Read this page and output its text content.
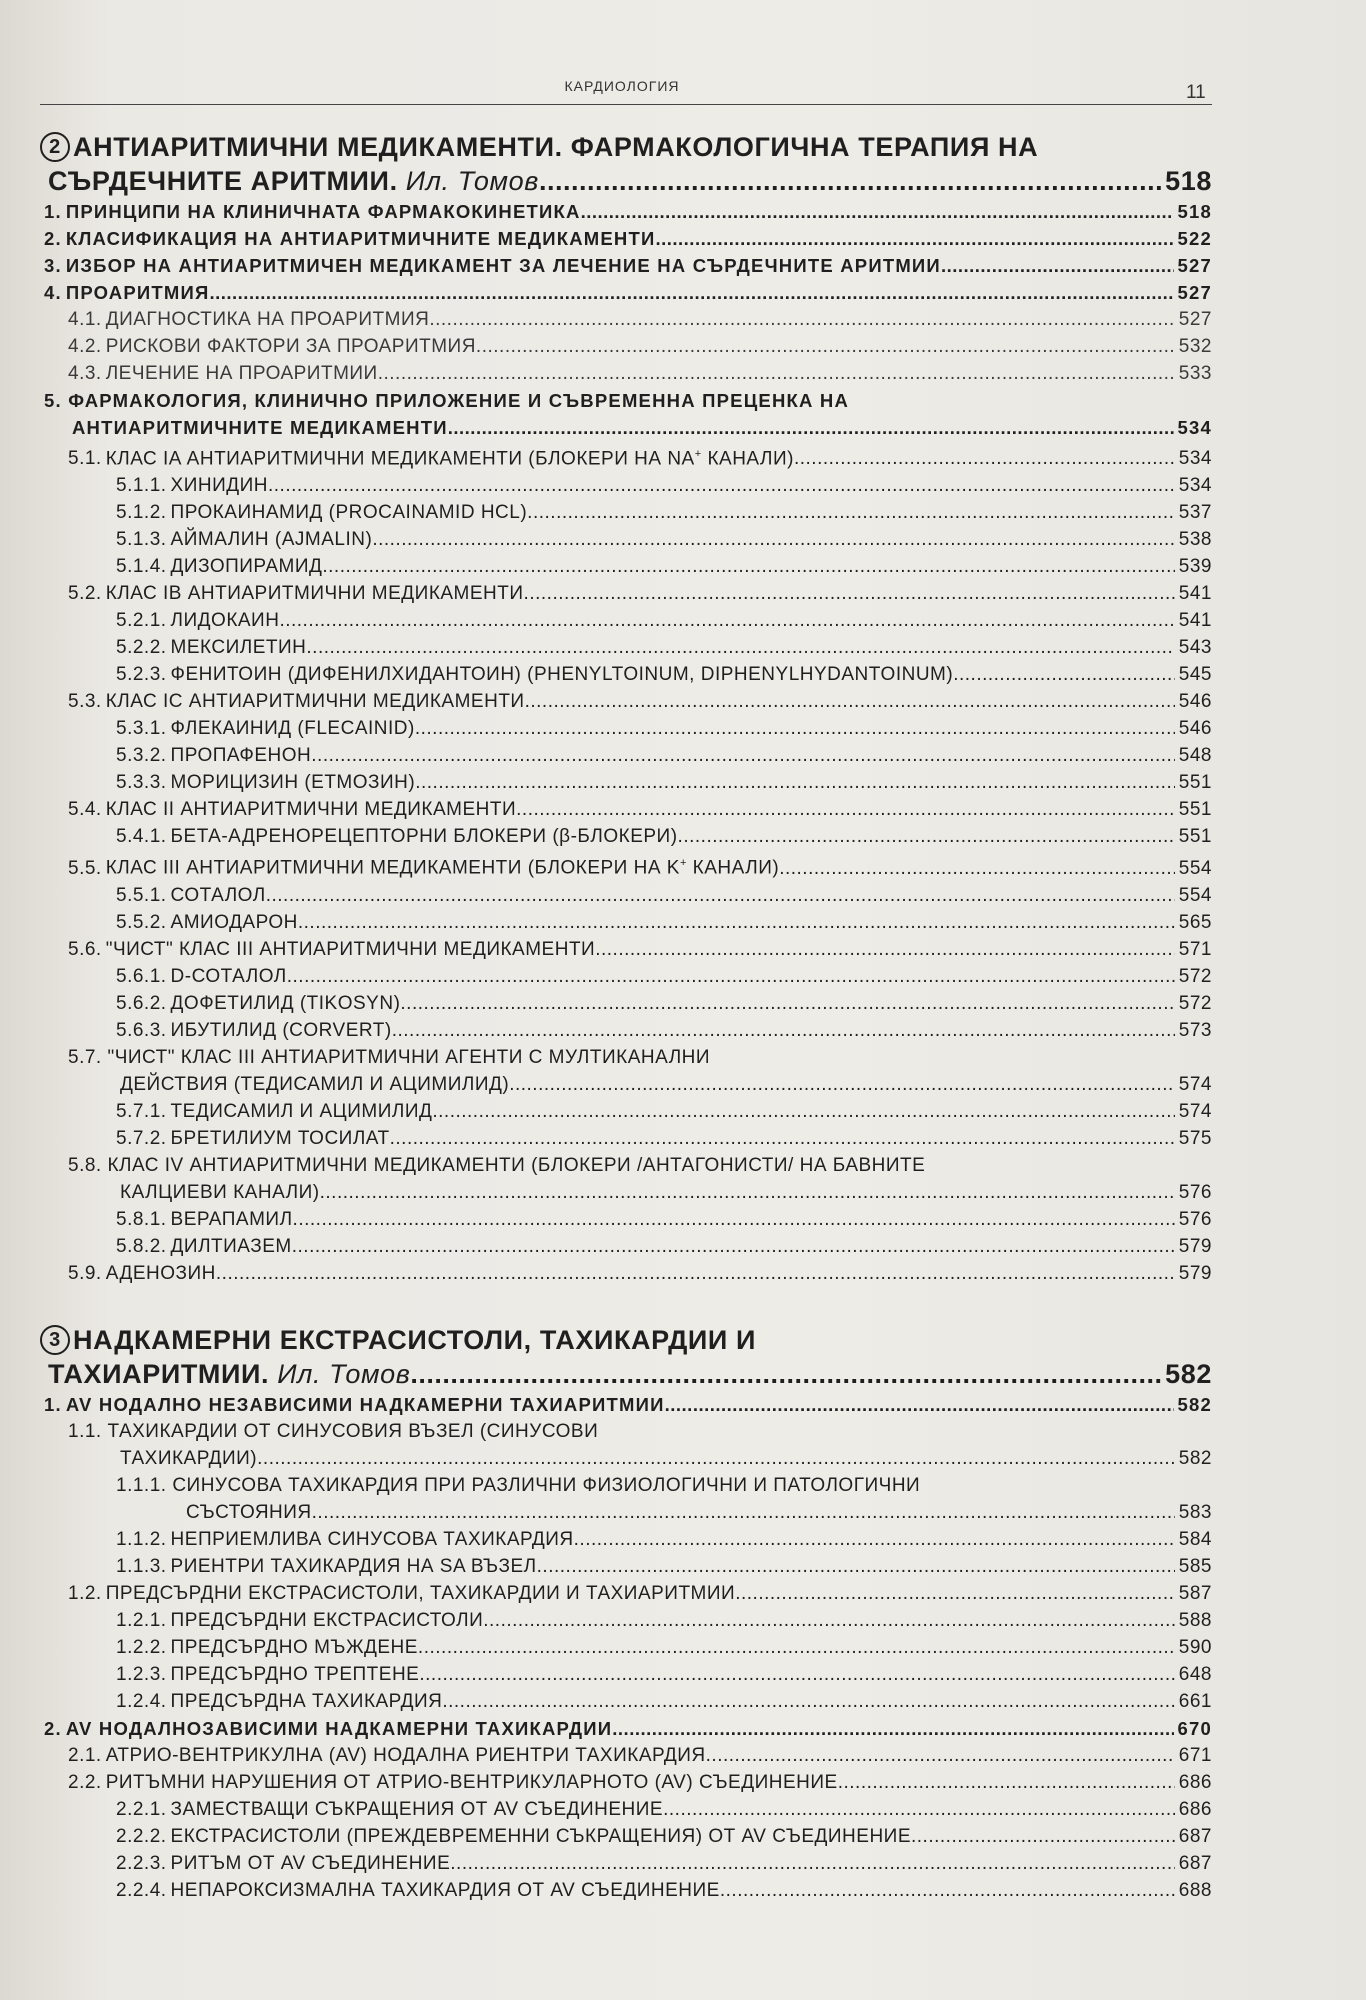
КАРДИОЛОГИЯ	11
2 АНТИАРИТМИЧНИ МЕДИКАМЕНТИ. ФАРМАКОЛОГИЧНА ТЕРАПИЯ НА
СЪРДЕЧНИТЕ АРИТМИИ. Ил. Томов .....	518
1. ПРИНЦИПИ НА КЛИНИЧНАТА ФАРМАКОКИНЕТИКА .....	518
2. КЛАСИФИКАЦИЯ НА АНТИАРИТМИЧНИТЕ МЕДИКАМЕНТИ .....	522
3. ИЗБОР НА АНТИАРИТМИЧЕН МЕДИКАМЕНТ ЗА ЛЕЧЕНИЕ НА СЪРДЕЧНИТЕ АРИТМИИ .....	527
4. ПРОАРИТМИЯ .....	527
4.1. ДИАГНОСТИКА НА ПРОАРИТМИЯ .....	527
4.2. РИСКОВИ ФАКТОРИ ЗА ПРОАРИТМИЯ .....	532
4.3. ЛЕЧЕНИЕ НА ПРОАРИТМИИ .....	533
5. ФАРМАКОЛОГИЯ, КЛИНИЧНО ПРИЛОЖЕНИЕ И СЪВРЕМЕННА ПРЕЦЕНКА НА
АНТИАРИТМИЧНИТЕ МЕДИКАМЕНТИ .....	534
5.1. КЛАС IA АНТИАРИТМИЧНИ МЕДИКАМЕНТИ (БЛОКЕРИ НА NA+ КАНАЛИ) .....	534
5.1.1. ХИНИДИН .....	534
5.1.2. ПРОКАИНАМИД (PROCAINAMID HCL) .....	537
5.1.3. АЙМАЛИН (AJMALIN) .....	538
5.1.4. ДИЗОПИРАМИД .....	539
5.2. КЛАС IB АНТИАРИТМИЧНИ МЕДИКАМЕНТИ .....	541
5.2.1. ЛИДОКАИН .....	541
5.2.2. МЕКСИЛЕТИН .....	543
5.2.3. ФЕНИТОИН (ДИФЕНИЛХИДАНТОИН) (PHENYLTOINUM, DIPHENYLHYDANTOINUM) .....	545
5.3. КЛАС IC АНТИАРИТМИЧНИ МЕДИКАМЕНТИ .....	546
5.3.1. ФЛЕКАИНИД (FLECAINID) .....	546
5.3.2. ПРОПАФЕНОН .....	548
5.3.3. МОРИЦИЗИН (ЕТМОЗИН) .....	551
5.4. КЛАС II АНТИАРИТМИЧНИ МЕДИКАМЕНТИ .....	551
5.4.1. БЕТА-АДРЕНОРЕЦЕПТОРНИ БЛОКЕРИ (β-БЛОКЕРИ) .....	551
5.5. КЛАС III АНТИАРИТМИЧНИ МЕДИКАМЕНТИ (БЛОКЕРИ НА K+ КАНАЛИ) .....	554
5.5.1. СОТАЛОЛ .....	554
5.5.2. АМИОДАРОН .....	565
5.6. "ЧИСТ" КЛАС III АНТИАРИТМИЧНИ МЕДИКАМЕНТИ .....	571
5.6.1. D-СОТАЛОЛ .....	572
5.6.2. ДОФЕТИЛИД (TIKOSYN) .....	572
5.6.3. ИБУТИЛИД (CORVERT) .....	573
5.7. "ЧИСТ" КЛАС III АНТИАРИТМИЧНИ АГЕНТИ С МУЛТИКАНАЛНИ
ДЕЙСТВИЯ (ТЕДИСАМИЛ И АЦИМИЛИД) .....	574
5.7.1. ТЕДИСАМИЛ И АЦИМИЛИД .....	574
5.7.2. БРЕТИЛИУМ ТОСИЛАТ .....	575
5.8. КЛАС IV АНТИАРИТМИЧНИ МЕДИКАМЕНТИ (БЛОКЕРИ /АНТАГОНИСТИ/ НА БАВНИТЕ
КАЛЦИЕВИ КАНАЛИ) .....	576
5.8.1. ВЕРАПАМИЛ .....	576
5.8.2. ДИЛТИАЗЕМ .....	579
5.9. АДЕНОЗИН .....	579
3 НАДКАМЕРНИ ЕКСТРАСИСТОЛИ, ТАХИКАРДИИ И
ТАХИАРИТМИИ. Ил. Томов .....	582
1. AV НОДАЛНО НЕЗАВИСИМИ НАДКАМЕРНИ ТАХИАРИТМИИ .....	582
1.1. ТАХИКАРДИИ ОТ СИНУСОВИЯ ВЪЗЕЛ (СИНУСОВИ
ТАХИКАРДИИ) .....	582
1.1.1. СИНУСОВА ТАХИКАРДИЯ ПРИ РАЗЛИЧНИ ФИЗИОЛОГИЧНИ И ПАТОЛОГИЧНИ
СЪСТОЯНИЯ .....	583
1.1.2. НЕПРИЕМЛИВА СИНУСОВА ТАХИКАРДИЯ .....	584
1.1.3. РИЕНТРИ ТАХИКАРДИЯ НА SA ВЪЗЕЛ .....	585
1.2. ПРЕДСЪРДНИ ЕКСТРАСИСТОЛИ, ТАХИКАРДИИ И ТАХИАРИТМИИ .....	587
1.2.1. ПРЕДСЪРДНИ ЕКСТРАСИСТОЛИ .....	588
1.2.2. ПРЕДСЪРДНО МЪЖДЕНЕ .....	590
1.2.3. ПРЕДСЪРДНО ТРЕПТЕНЕ .....	648
1.2.4. ПРЕДСЪРДНА ТАХИКАРДИЯ .....	661
2. AV НОДАЛНОЗАВИСИМИ НАДКАМЕРНИ ТАХИКАРДИИ .....	670
2.1. АТРИО-ВЕНТРИКУЛНА (AV) НОДАЛНА РИЕНТРИ ТАХИКАРДИЯ .....	671
2.2. РИТЪМНИ НАРУШЕНИЯ ОТ АТРИО-ВЕНТРИКУЛАРНОТО (AV) СЪЕДИНЕНИЕ .....	686
2.2.1. ЗАМЕСТВАЩИ СЪКРАЩЕНИЯ ОТ AV СЪЕДИНЕНИЕ .....	686
2.2.2. ЕКСТРАСИСТОЛИ (ПРЕЖДЕВРЕМЕННИ СЪКРАЩЕНИЯ) ОТ AV СЪЕДИНЕНИЕ .....	687
2.2.3. РИТЪМ ОТ AV СЪЕДИНЕНИЕ .....	687
2.2.4. НЕПАРОКСИЗМАЛНА ТАХИКАРДИЯ ОТ AV СЪЕДИНЕНИЕ .....	688
